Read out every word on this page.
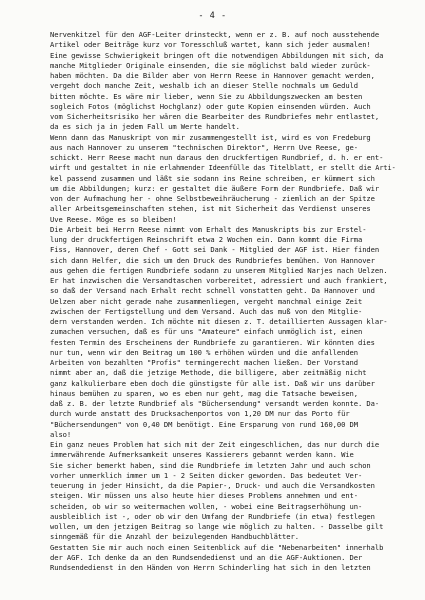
- 4 -
Nervenkitzel für den AGF-Leiter drinsteckt, wenn er z. B. auf noch ausstehende
Artikel oder Beiträge kurz vor Toresschluß wartet, kann sich jeder ausmalen!
Eine gewisse Schwierigkeit bringen oft die notwendigen Abbildungen mit sich, da
manche Mitglieder Originale einsenden, die sie möglichst bald wieder zurück-
haben möchten. Da die Bilder aber von Herrn Reese in Hannover gemacht werden,
vergeht doch manche Zeit, weshalb ich an dieser Stelle nochmals um Geduld
bitten möchte. Es wäre mir lieber, wenn Sie zu Abbildungszwecken am besten
sogleich Fotos (möglichst Hochglanz) oder gute Kopien einsenden würden. Auch
vom Sicherheitsrisiko her wären die Bearbeiter des Rundbriefes mehr entlastet,
da es sich ja in jedem Fall um Werte handelt.
Wenn dann das Manuskript von mir zusammengestellt ist, wird es von Fredeburg
aus nach Hannover zu unserem "technischen Direktor", Herrn Uve Reese, ge-
schickt. Herr Reese macht nun daraus den druckfertigen Rundbrief, d. h. er ent-
wirft und gestaltet in nie erlahmender Ideenfülle das Titelblatt, er stellt die Arti-
kel passend zusammen und läßt sie sodann ins Reine schreiben, er kümmert sich
um die Abbildungen; kurz: er gestaltet die äußere Form der Rundbriefe. Daß wir
von der Aufmachung her - ohne Selbstbeweihräucherung - ziemlich an der Spitze
aller Arbeitsgemeinschaften stehen, ist mit Sicherheit das Verdienst unseres
Uve Reese. Möge es so bleiben!
Die Arbeit bei Herrn Reese nimmt vom Erhalt des Manuskripts bis zur Erstel-
lung der druckfertigen Reinschrift etwa 2 Wochen ein. Dann kommt die Firma
Fiss, Hannover, deren Chef - Gott sei Dank - Mitglied der AGF ist. Hier finden
sich dann Helfer, die sich um den Druck des Rundbriefes bemühen. Von Hannover
aus gehen die fertigen Rundbriefe sodann zu unserem Mitglied Narjes nach Uelzen.
Er hat inzwischen die Versandtaschen vorbereitet, adressiert und auch frankiert,
so daß der Versand nach Erhalt recht schnell vonstatten geht. Da Hannover und
Uelzen aber nicht gerade nahe zusammenliegen, vergeht manchmal einige Zeit
zwischen der Fertigstellung und dem Versand. Auch das muß von den Mitglie-
dern verstanden werden. Ich möchte mit diesen z. T. detaillierten Aussagen klar-
zumachen versuchen, daß es für uns "Amateure" einfach unmöglich ist, einen
festen Termin des Erscheinens der Rundbriefe zu garantieren. Wir könnten dies
nur tun, wenn wir den Beitrag um 100 % erhöhen würden und die anfallenden
Arbeiten von bezahlten "Profis" termingerecht machen ließen. Der Vorstand
nimmt aber an, daß die jetzige Methode, die billigere, aber zeitmäßig nicht
ganz kalkulierbare eben doch die günstigste für alle ist. Daß wir uns darüber
hinaus bemühen zu sparen, wo es eben nur geht, mag die Tatsache beweisen,
daß z. B. der letzte Rundbrief als "Büchersendung" versandt werden konnte. Da-
durch wurde anstatt des Drucksachenportos von 1,20 DM nur das Porto für
"Büchersendungen" von 0,40 DM benötigt. Eine Ersparung von rund 160,00 DM
also!
Ein ganz neues Problem hat sich mit der Zeit eingeschlichen, das nur durch die
immerwährende Aufmerksamkeit unseres Kassierers gebannt werden kann. Wie
Sie sicher bemerkt haben, sind die Rundbriefe im letzten Jahr und auch schon
vorher unmerklich immer um 1 - 2 Seiten dicker geworden. Das bedeutet Ver-
teuerung in jeder Hinsicht, da die Papier-, Druck- und auch die Versandkosten
steigen. Wir müssen uns also heute hier dieses Problems annehmen und ent-
scheiden, ob wir so weitermachen wollen, - wobei eine Beitragserhöhung un-
ausbleiblich ist -, oder ob wir den Umfang der Rundbriefe (in etwa) festlegen
wollen, um den jetzigen Beitrag so lange wie möglich zu halten. - Dasselbe gilt
sinngemäß für die Anzahl der beizulegenden Handbuchblätter.
Gestatten Sie mir auch noch einen Seitenblick auf die "Nebenarbeiten" innerhalb
der AGF. Ich denke da an den Rundsendedienst und an die AGF-Auktionen. Der
Rundsendedienst in den Händen von Herrn Schinderling hat sich in den letzten
